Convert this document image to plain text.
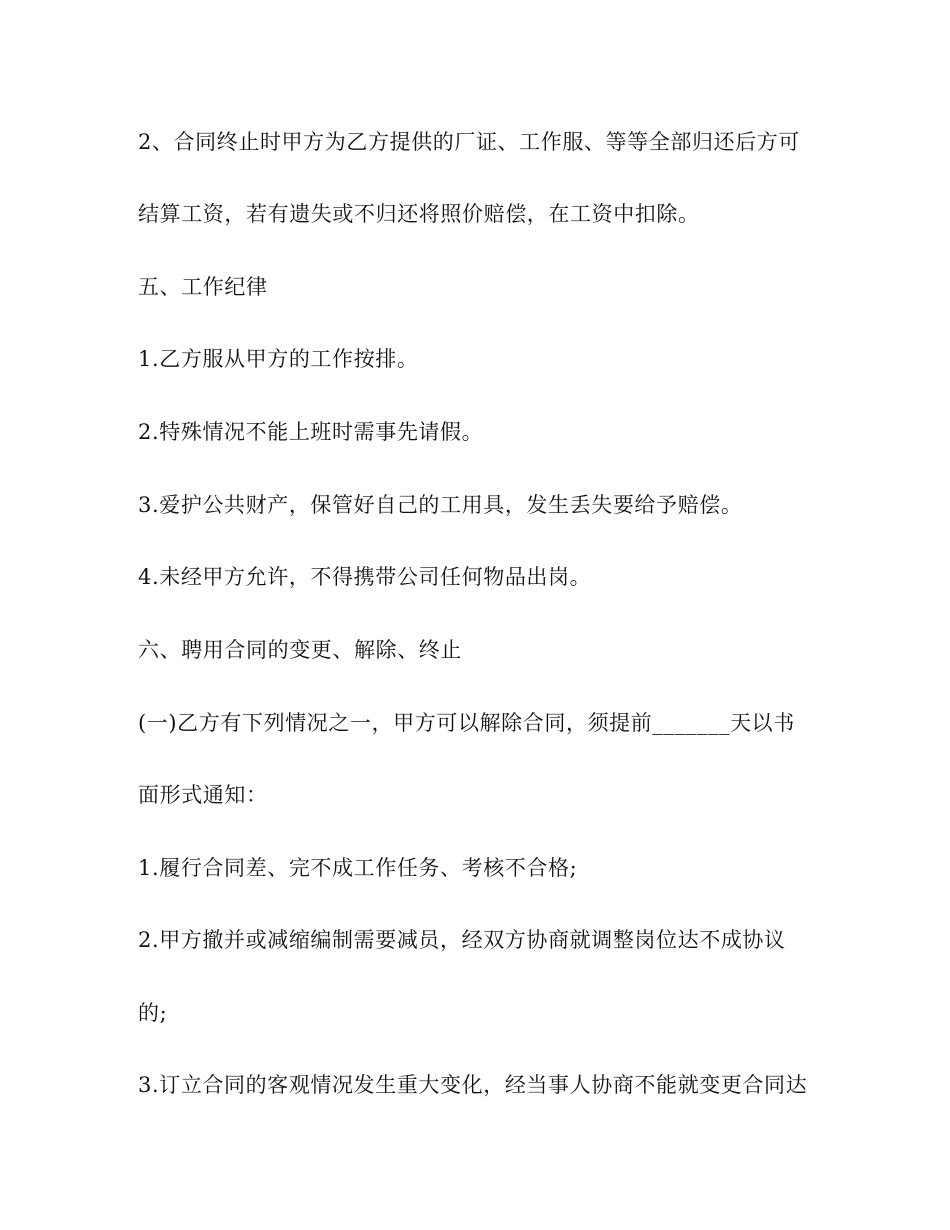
2、合同终止时甲方为乙方提供的厂证、工作服、等等全部归还后方可
结算工资，若有遗失或不归还将照价赔偿，在工资中扣除。
五、工作纪律
1.乙方服从甲方的工作按排。
2.特殊情况不能上班时需事先请假。
3.爱护公共财产，保管好自己的工用具，发生丢失要给予赔偿。
4.未经甲方允许，不得携带公司任何物品出岗。
六、聘用合同的变更、解除、终止
(一)乙方有下列情况之一，甲方可以解除合同，须提前_______天以书
面形式通知：
1.履行合同差、完不成工作任务、考核不合格;
2.甲方撤并或减缩编制需要减员，经双方协商就调整岗位达不成协议
的;
3.订立合同的客观情况发生重大变化，经当事人协商不能就变更合同达
